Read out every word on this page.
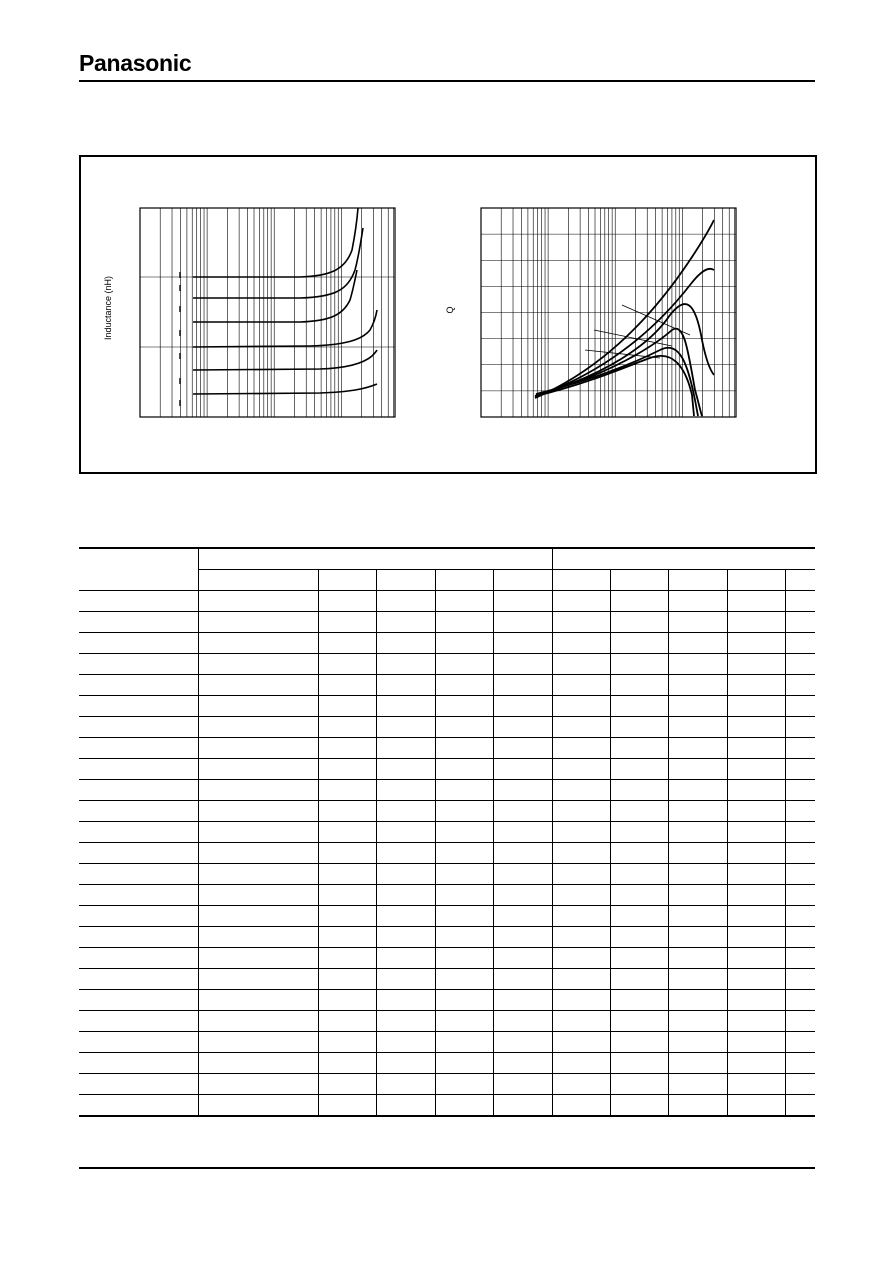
Panasonic
Inductance (nH)	Q
